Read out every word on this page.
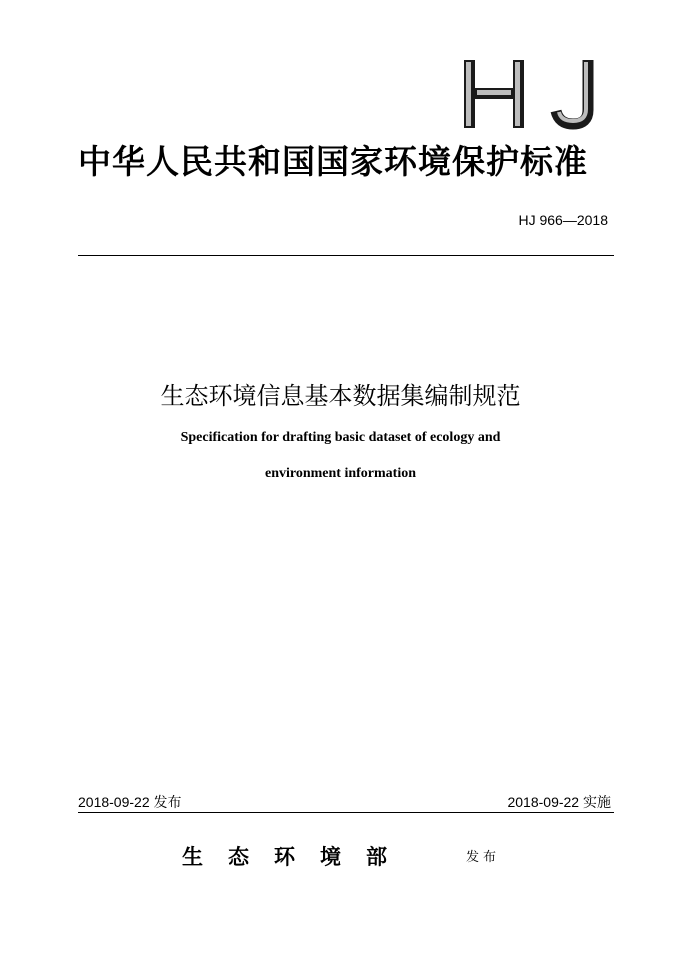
中华人民共和国国家环境保护标准
HJ 966—2018
生态环境信息基本数据集编制规范
Specification for drafting basic dataset of ecology and
environment information
2018-09-22 发布	2018-09-22 实施
生态环境部	发布
